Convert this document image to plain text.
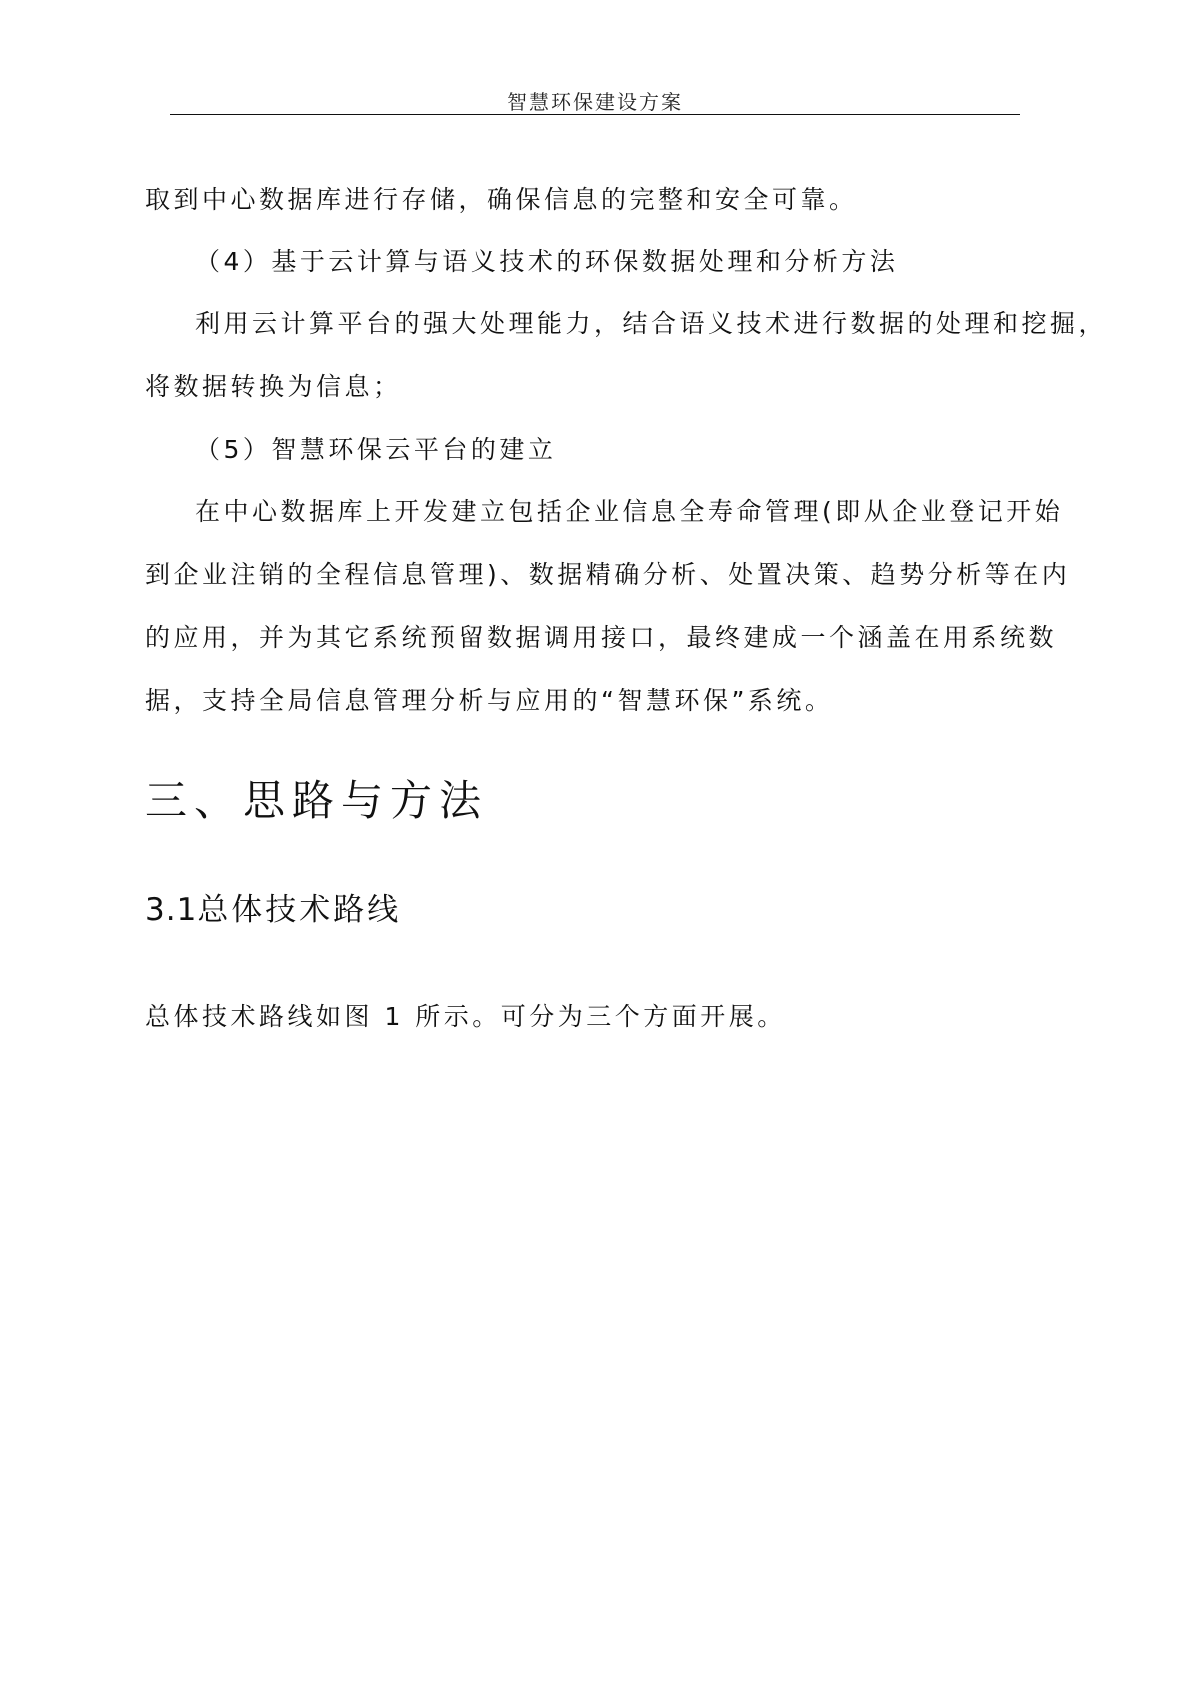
智慧环保建设方案

取到中心数据库进行存储，确保信息的完整和安全可靠。

（4）基于云计算与语义技术的环保数据处理和分析方法

利用云计算平台的强大处理能力，结合语义技术进行数据的处理和挖掘，
将数据转换为信息；

（5）智慧环保云平台的建立

在中心数据库上开发建立包括企业信息全寿命管理(即从企业登记开始
到企业注销的全程信息管理)、数据精确分析、处置决策、趋势分析等在内
的应用，并为其它系统预留数据调用接口，最终建成一个涵盖在用系统数
据，支持全局信息管理分析与应用的“智慧环保”系统。
三、思路与方法
3.1总体技术路线

总体技术路线如图 1 所示。可分为三个方面开展。
